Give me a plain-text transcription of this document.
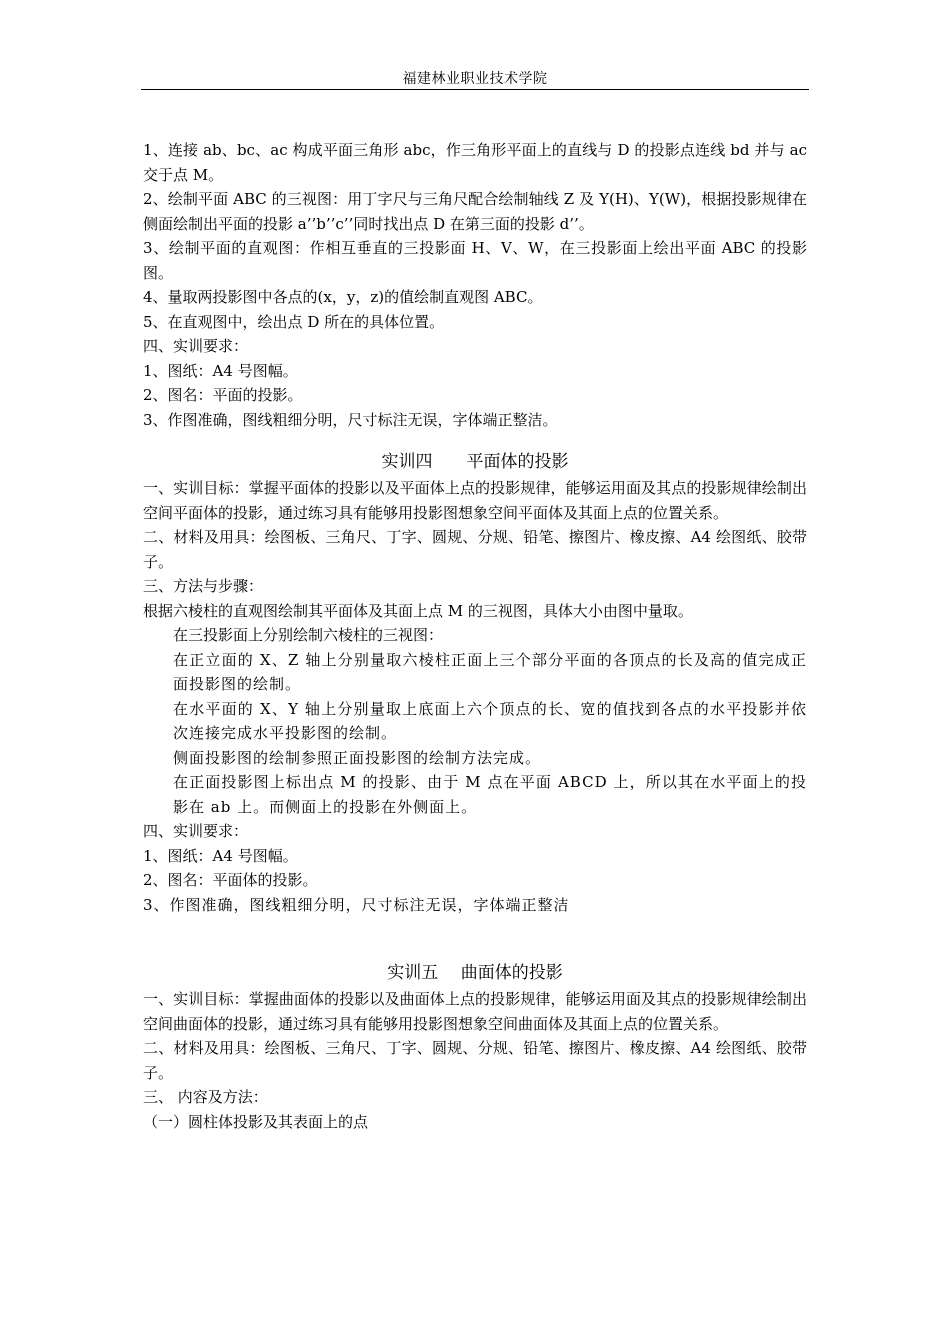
福建林业职业技术学院

1、连接 ab、bc、ac 构成平面三角形 abc，作三角形平面上的直线与 D 的投影点连线 bd 并与 ac 交于点 M。

2、绘制平面 ABC 的三视图：用丁字尺与三角尺配合绘制轴线 Z 及 Y(H)、Y(W)，根据投影规律在侧面绘制出平面的投影 a’’b’’c’’同时找出点 D 在第三面的投影 d’’。

3、绘制平面的直观图：作相互垂直的三投影面 H、V、W，在三投影面上绘出平面 ABC 的投影图。

4、量取两投影图中各点的(x，y，z)的值绘制直观图 ABC。

5、在直观图中，绘出点 D 所在的具体位置。

四、实训要求：

1、图纸：A4 号图幅。

2、图名：平面的投影。

3、作图准确，图线粗细分明，尺寸标注无误，字体端正整洁。

实训四　　平面体的投影

一、实训目标：掌握平面体的投影以及平面体上点的投影规律，能够运用面及其点的投影规律绘制出空间平面体的投影，通过练习具有能够用投影图想象空间平面体及其面上点的位置关系。

二、材料及用具：绘图板、三角尺、丁字、圆规、分规、铅笔、擦图片、橡皮擦、A4 绘图纸、胶带子。

三、方法与步骤：

根据六棱柱的直观图绘制其平面体及其面上点 M 的三视图，具体大小由图中量取。

在三投影面上分别绘制六棱柱的三视图：

在正立面的 X、Z 轴上分别量取六棱柱正面上三个部分平面的各顶点的长及高的值完成正面投影图的绘制。

在水平面的 X、Y 轴上分别量取上底面上六个顶点的长、宽的值找到各点的水平投影并依次连接完成水平投影图的绘制。

侧面投影图的绘制参照正面投影图的绘制方法完成。

在正面投影图上标出点 M 的投影、由于 M 点在平面 ABCD 上，所以其在水平面上的投影在 ab 上。而侧面上的投影在外侧面上。

四、实训要求：

1、图纸：A4 号图幅。

2、图名：平面体的投影。

3、作图准确，图线粗细分明，尺寸标注无误，字体端正整洁

实训五　 曲面体的投影

一、实训目标：掌握曲面体的投影以及曲面体上点的投影规律，能够运用面及其点的投影规律绘制出空间曲面体的投影，通过练习具有能够用投影图想象空间曲面体及其面上点的位置关系。

二、材料及用具：绘图板、三角尺、丁字、圆规、分规、铅笔、擦图片、橡皮擦、A4 绘图纸、胶带子。

三、 内容及方法：

（一）圆柱体投影及其表面上的点
